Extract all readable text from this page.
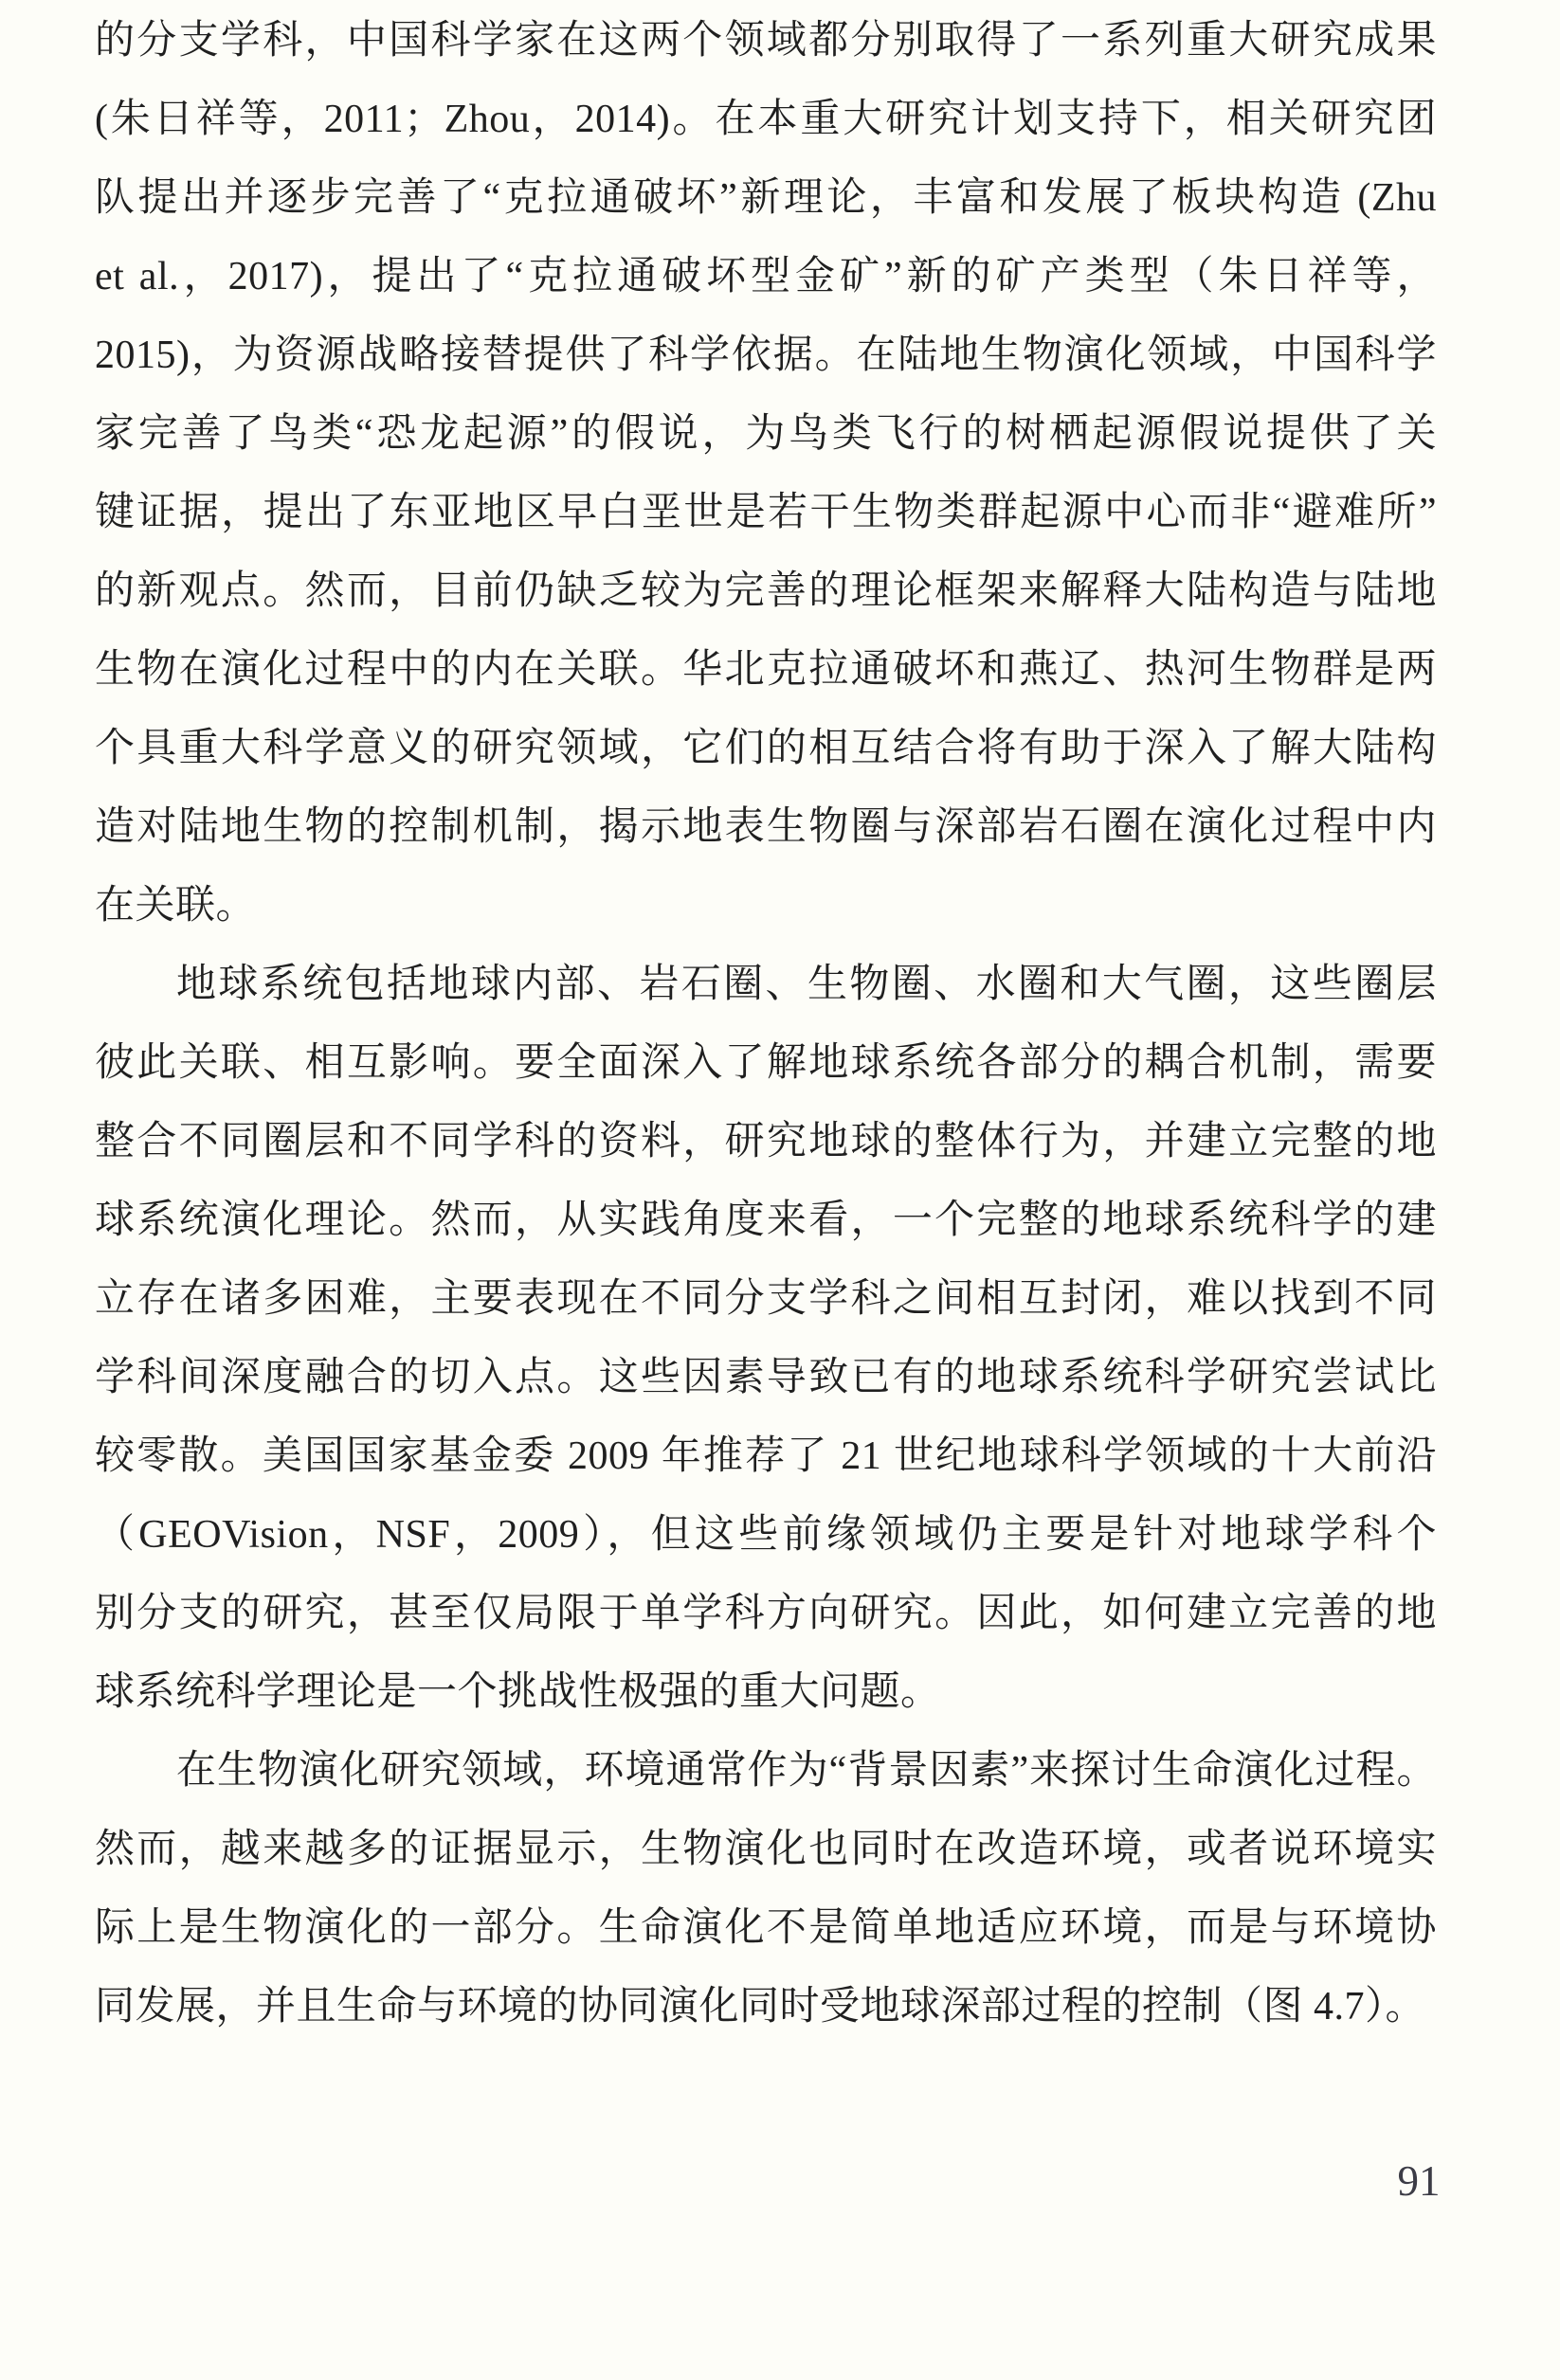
的分支学科，中国科学家在这两个领域都分别取得了一系列重大研究成果
(朱日祥等，2011；Zhou，2014)。在本重大研究计划支持下，相关研究团
队提出并逐步完善了“克拉通破坏”新理论，丰富和发展了板块构造 (Zhu
et al.，2017)，提出了“克拉通破坏型金矿”新的矿产类型（朱日祥等，
2015)，为资源战略接替提供了科学依据。在陆地生物演化领域，中国科学
家完善了鸟类“恐龙起源”的假说，为鸟类飞行的树栖起源假说提供了关
键证据，提出了东亚地区早白垩世是若干生物类群起源中心而非“避难所”
的新观点。然而，目前仍缺乏较为完善的理论框架来解释大陆构造与陆地
生物在演化过程中的内在关联。华北克拉通破坏和燕辽、热河生物群是两
个具重大科学意义的研究领域，它们的相互结合将有助于深入了解大陆构
造对陆地生物的控制机制，揭示地表生物圈与深部岩石圈在演化过程中内
在关联。
地球系统包括地球内部、岩石圈、生物圈、水圈和大气圈，这些圈层
彼此关联、相互影响。要全面深入了解地球系统各部分的耦合机制，需要
整合不同圈层和不同学科的资料，研究地球的整体行为，并建立完整的地
球系统演化理论。然而，从实践角度来看，一个完整的地球系统科学的建
立存在诸多困难，主要表现在不同分支学科之间相互封闭，难以找到不同
学科间深度融合的切入点。这些因素导致已有的地球系统科学研究尝试比
较零散。美国国家基金委 2009 年推荐了 21 世纪地球科学领域的十大前沿
（GEOVision，NSF，2009），但这些前缘领域仍主要是针对地球学科个
别分支的研究，甚至仅局限于单学科方向研究。因此，如何建立完善的地
球系统科学理论是一个挑战性极强的重大问题。
在生物演化研究领域，环境通常作为“背景因素”来探讨生命演化过程。
然而，越来越多的证据显示，生物演化也同时在改造环境，或者说环境实
际上是生物演化的一部分。生命演化不是简单地适应环境，而是与环境协
同发展，并且生命与环境的协同演化同时受地球深部过程的控制（图 4.7）。
91
